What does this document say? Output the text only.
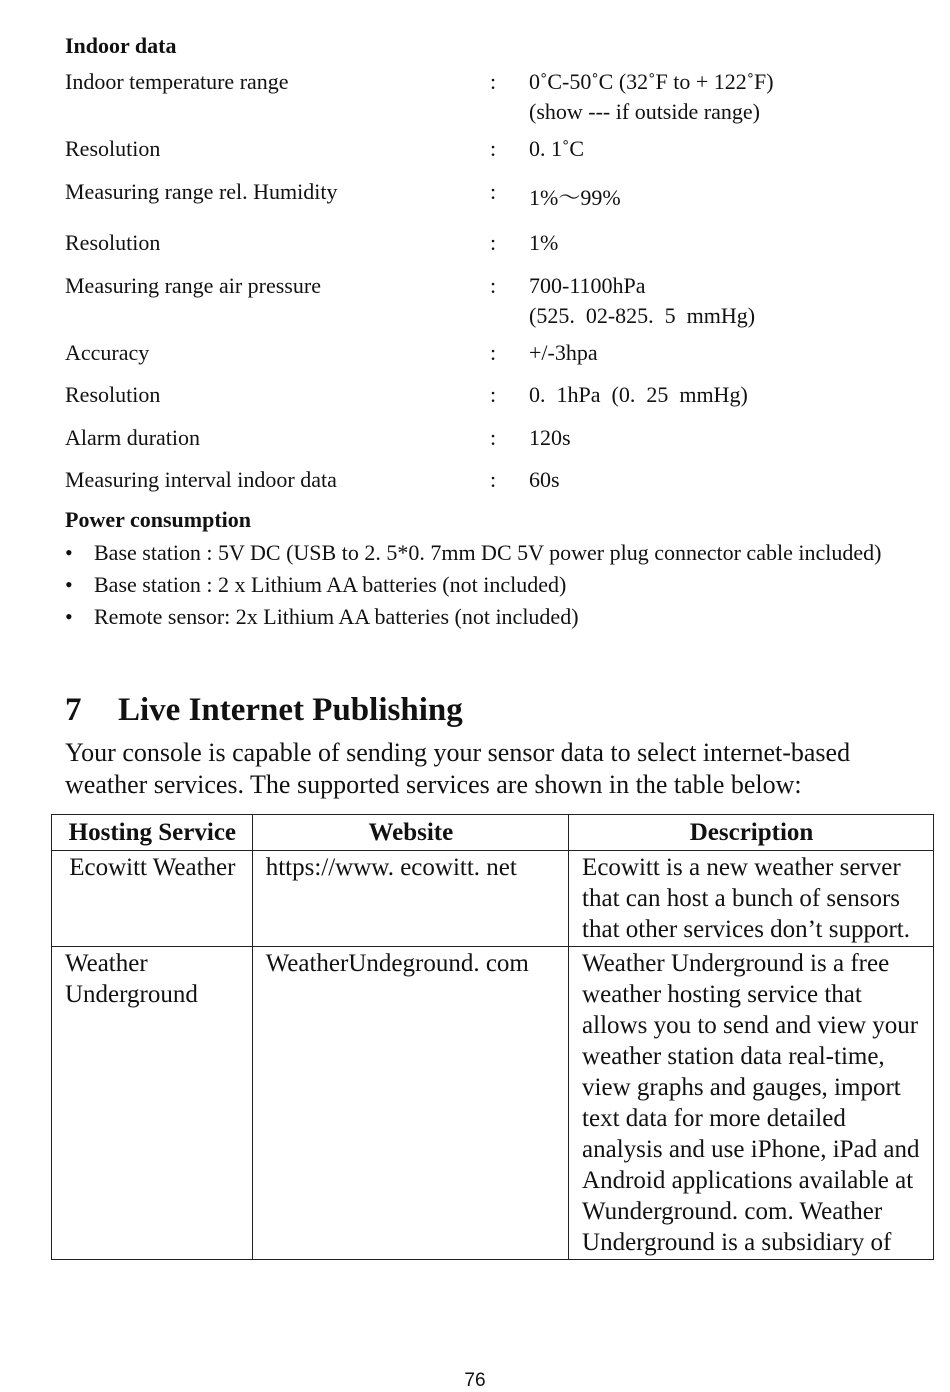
Indoor data
Indoor temperature range	: 0˚C-50˚C (32˚F to + 122˚F)
(show --- if outside range)
Resolution	: 0. 1˚C
Measuring range rel. Humidity	: 1%～99%
Resolution	: 1%
Measuring range air pressure	: 700-1100hPa
(525.  02-825.  5  mmHg)
Accuracy	: +/-3hpa
Resolution	: 0.  1hPa  (0.  25  mmHg)
Alarm duration	: 120s
Measuring interval indoor data	: 60s
Power consumption
• Base station : 5V DC (USB to 2. 5*0. 7mm DC 5V power plug connector cable included)
• Base station : 2 x Lithium AA batteries (not included)
• Remote sensor: 2x Lithium AA batteries (not included)
7 Live Internet Publishing
Your console is capable of sending your sensor data to select internet-based weather services. The supported services are shown in the table below:
Hosting Service	Website	Description
Ecowitt Weather	https://www. ecowitt. net	Ecowitt is a new weather server that can host a bunch of sensors that other services don’t support.
Weather Underground	WeatherUndeground. com	Weather Underground is a free weather hosting service that allows you to send and view your weather station data real-time, view graphs and gauges, import text data for more detailed analysis and use iPhone, iPad and Android applications available at Wunderground. com. Weather Underground is a subsidiary of
76
